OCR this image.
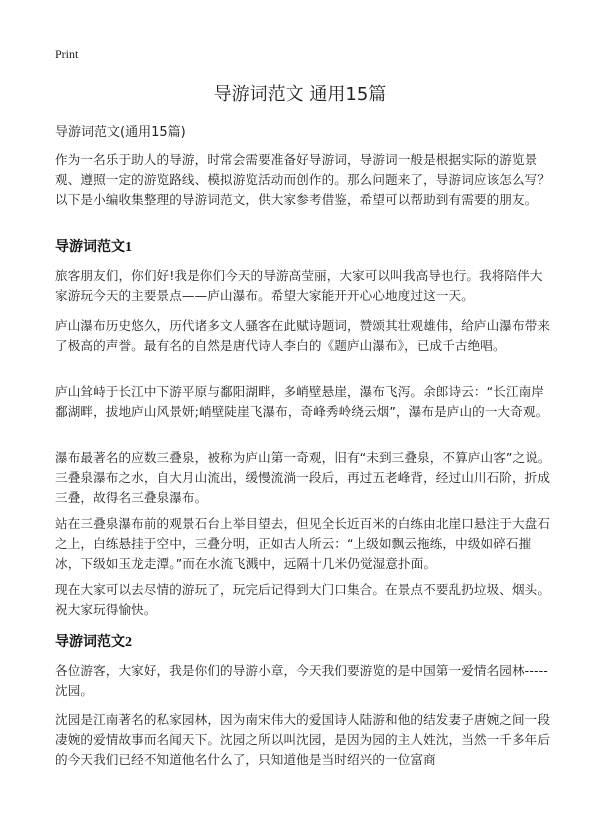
Print
导游词范文 通用15篇
导游词范文(通用15篇)

作为一名乐于助人的导游，时常会需要准备好导游词，导游词一般是根据实际的游览景观、遵照一定的游览路线、模拟游览活动而创作的。那么问题来了，导游词应该怎么写？以下是小编收集整理的导游词范文，供大家参考借鉴，希望可以帮助到有需要的朋友。

导游词范文1

旅客朋友们，你们好!我是你们今天的导游高莹丽，大家可以叫我高导也行。我将陪伴大家游玩今天的主要景点——庐山瀑布。希望大家能开开心心地度过这一天。

庐山瀑布历史悠久，历代诸多文人骚客在此赋诗题词，赞颂其壮观雄伟，给庐山瀑布带来了极高的声誉。最有名的自然是唐代诗人李白的《题庐山瀑布》，已成千古绝唱。

庐山耸峙于长江中下游平原与鄱阳湖畔，多峭壁悬崖，瀑布飞泻。余郎诗云：“长江南岸鄱湖畔，拔地庐山风景妍;峭壁陡崖飞瀑布，奇峰秀岭绕云烟”，瀑布是庐山的一大奇观。

瀑布最著名的应数三叠泉，被称为庐山第一奇观，旧有“未到三叠泉，不算庐山客”之说。三叠泉瀑布之水，自大月山流出，缓慢流淌一段后，再过五老峰背，经过山川石阶，折成三叠，故得名三叠泉瀑布。

站在三叠泉瀑布前的观景石台上举目望去，但见全长近百米的白练由北崖口悬注于大盘石之上，白练悬挂于空中，三叠分明，正如古人所云：“上级如飘云拖练，中级如碎石摧冰，下级如玉龙走潭。”而在水流飞溅中，远隔十几米仍觉湿意扑面。

现在大家可以去尽情的游玩了，玩完后记得到大门口集合。在景点不要乱扔垃圾、烟头。祝大家玩得愉快。

导游词范文2

各位游客，大家好，我是你们的导游小章，今天我们要游览的是中国第一爱情名园林-----沈园。

沈园是江南著名的私家园林，因为南宋伟大的爱国诗人陆游和他的结发妻子唐婉之间一段凄婉的爱情故事而名闻天下。沈园之所以叫沈园，是因为园的主人姓沈，当然一千多年后的今天我们已经不知道他名什么了，只知道他是当时绍兴的一位富商
